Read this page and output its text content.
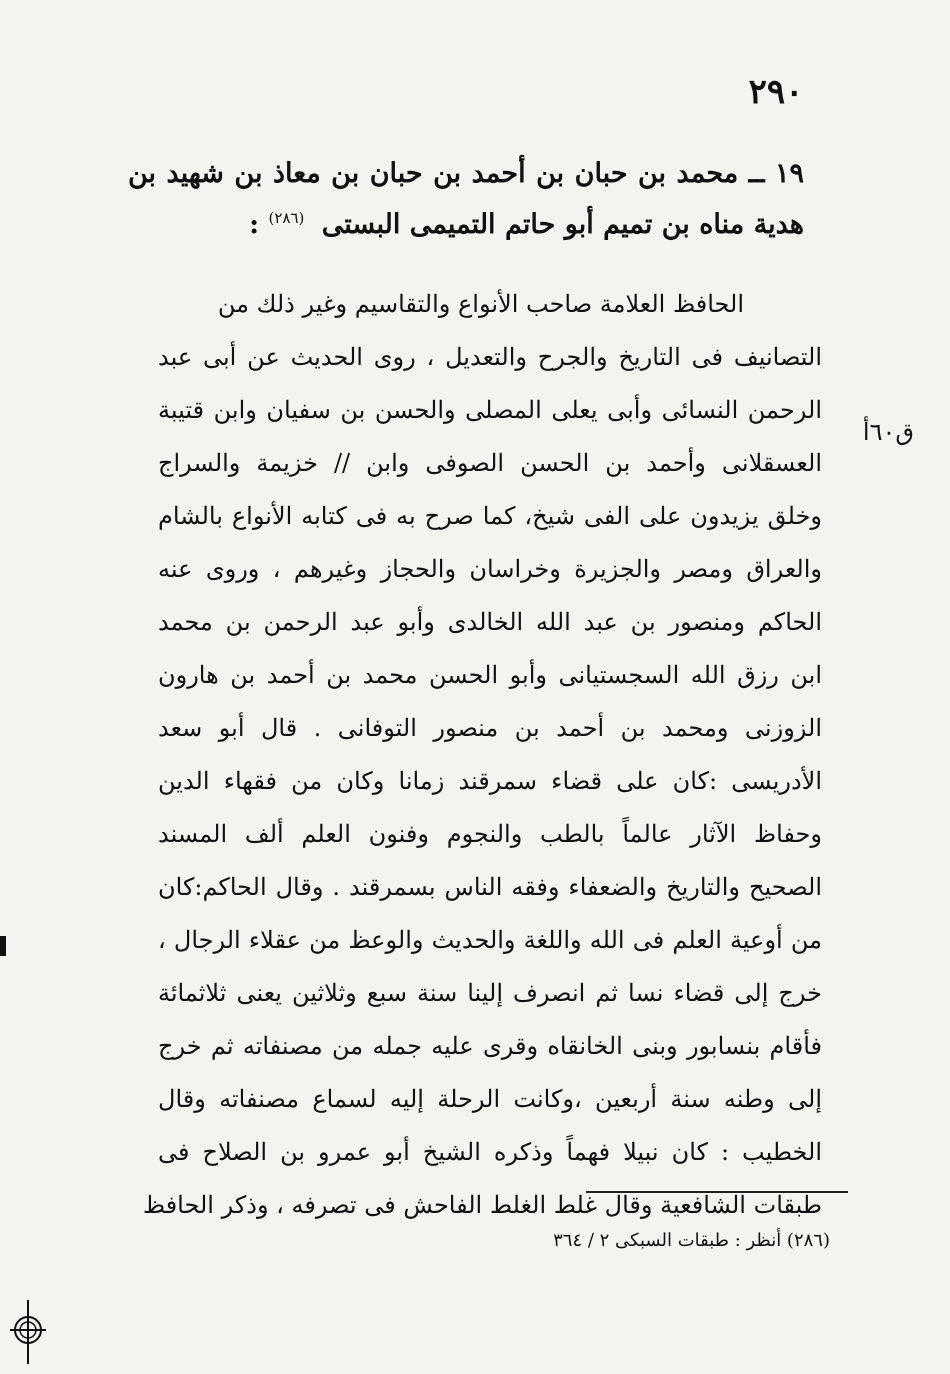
٢٩٠
١٩ ــ محمد بن حبان بن أحمد بن حبان بن معاذ بن شهيد بن هدية مناه بن تميم أبو حاتم التميمى البستى $^{(٢٨٦)}$ :
ق٦٠أ
الحافظ العلامة صاحب الأنواع والتقاسيم وغير ذلك من
التصانيف فى التاريخ والجرح والتعديل ، روى الحديث عن أبى عبد
الرحمن النسائى وأبى يعلى المصلى والحسن بن سفيان وابن قتيبة
العسقلانى وأحمد بن الحسن الصوفى وابن // خزيمة والسراج
وخلق يزيدون على الفى شيخ، كما صرح به فى كتابه الأنواع بالشام
والعراق ومصر والجزيرة وخراسان والحجاز وغيرهم ، وروى عنه
الحاكم ومنصور بن عبد الله الخالدى وأبو عبد الرحمن بن محمد
ابن رزق الله السجستيانى وأبو الحسن محمد بن أحمد بن هارون
الزوزنى ومحمد بن أحمد بن منصور التوفانى . قال أبو سعد
الأدريسى :كان على قضاء سمرقند زمانا وكان من فقهاء الدين
وحفاظ الآثار عالماً بالطب والنجوم وفنون العلم ألف المسند
الصحيح والتاريخ والضعفاء وفقه الناس بسمرقند . وقال الحاكم:كان
من أوعية العلم فى الله واللغة والحديث والوعظ من عقلاء الرجال ،
خرج إلى قضاء نسا ثم انصرف إلينا سنة سبع وثلاثين يعنى ثلاثمائة
فأقام بنسابور وبنى الخانقاه وقرى عليه جمله من مصنفاته ثم خرج
إلى وطنه سنة أربعين ،وكانت الرحلة إليه لسماع مصنفاته وقال
الخطيب : كان نبيلا فهماً وذكره الشيخ أبو عمرو بن الصلاح فى
طبقات الشافعية وقال غلط الغلط الفاحش فى تصرفه ، وذكر الحافظ
(٢٨٦) أنظر : طبقات السبكى ٢ / ٣٦٤
